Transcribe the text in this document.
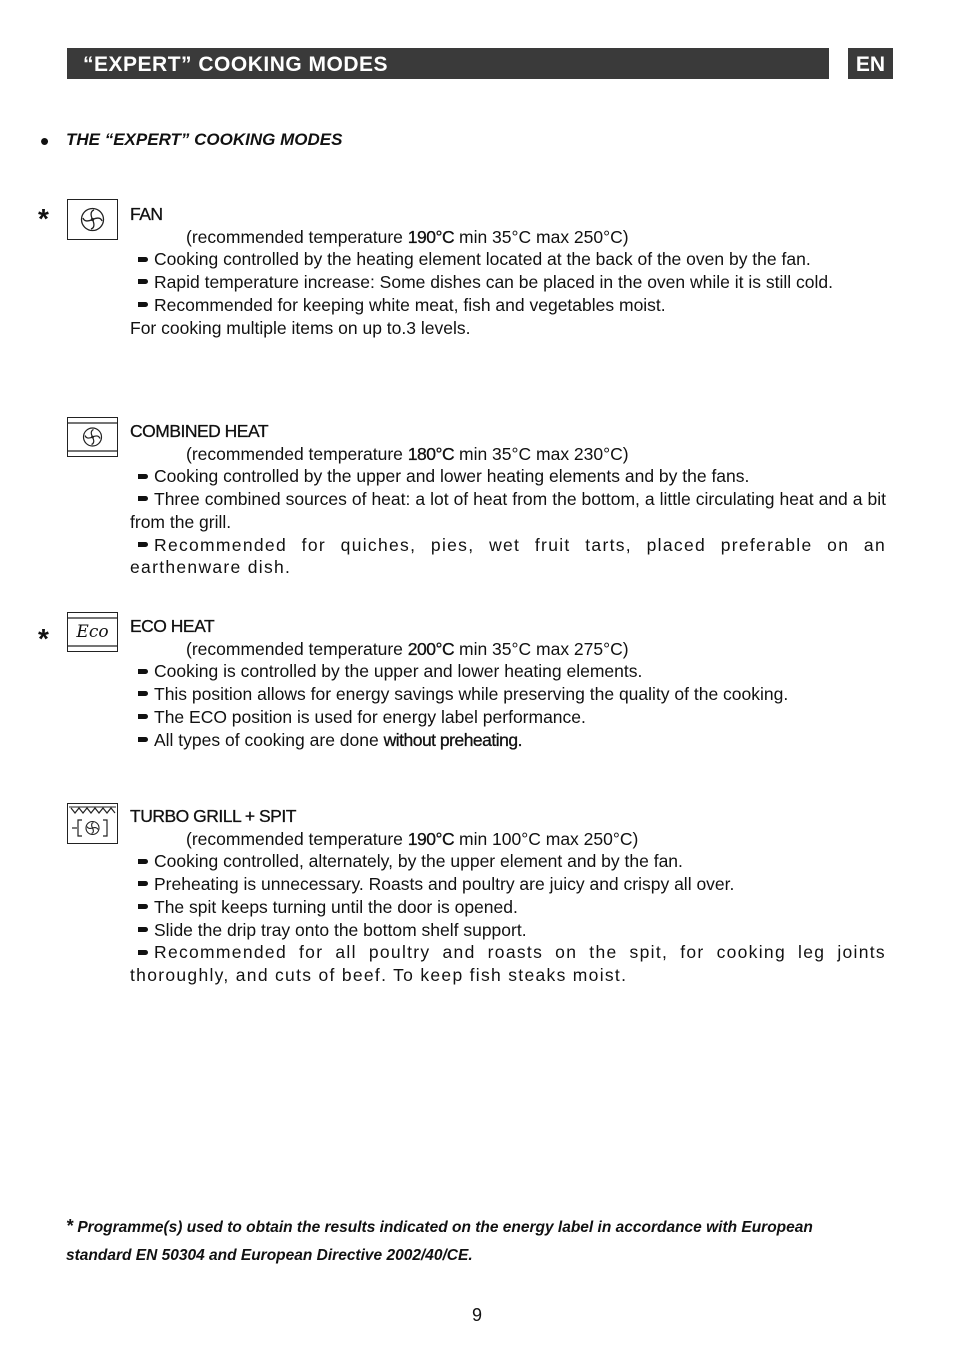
“EXPERT” COOKING MODES	EN
• THE “EXPERT” COOKING MODES
*	FAN
(recommended temperature 190°C min 35°C max 250°C)
Cooking controlled by the heating element located at the back of the oven by the fan.
Rapid temperature increase: Some dishes can be placed in the oven while it is still cold.
Recommended for keeping white meat, fish and vegetables moist.
For cooking multiple items on up to.3 levels.
COMBINED HEAT
(recommended temperature 180°C min 35°C max 230°C)
Cooking controlled by the upper and lower heating elements and by the fans.
Three combined sources of heat: a lot of heat from the bottom, a little circulating heat and a bit from the grill.
Recommended for quiches, pies, wet fruit tarts, placed preferable on an earthenware dish.
*	Eco	ECO HEAT
(recommended temperature 200°C min 35°C max 275°C)
Cooking is controlled by the upper and lower heating elements.
This position allows for energy savings while preserving the quality of the cooking.
The ECO position is used for energy label performance.
All types of cooking are done without preheating.
TURBO GRILL + SPIT
(recommended temperature 190°C min 100°C max 250°C)
Cooking controlled, alternately, by the upper element and by the fan.
Preheating is unnecessary. Roasts and poultry are juicy and crispy all over.
The spit keeps turning until the door is opened.
Slide the drip tray onto the bottom shelf support.
Recommended for all poultry and roasts on the spit, for cooking leg joints thoroughly, and cuts of beef. To keep fish steaks moist.
* Programme(s) used to obtain the results indicated on the energy label in accordance with European standard EN 50304 and European Directive 2002/40/CE.
9
